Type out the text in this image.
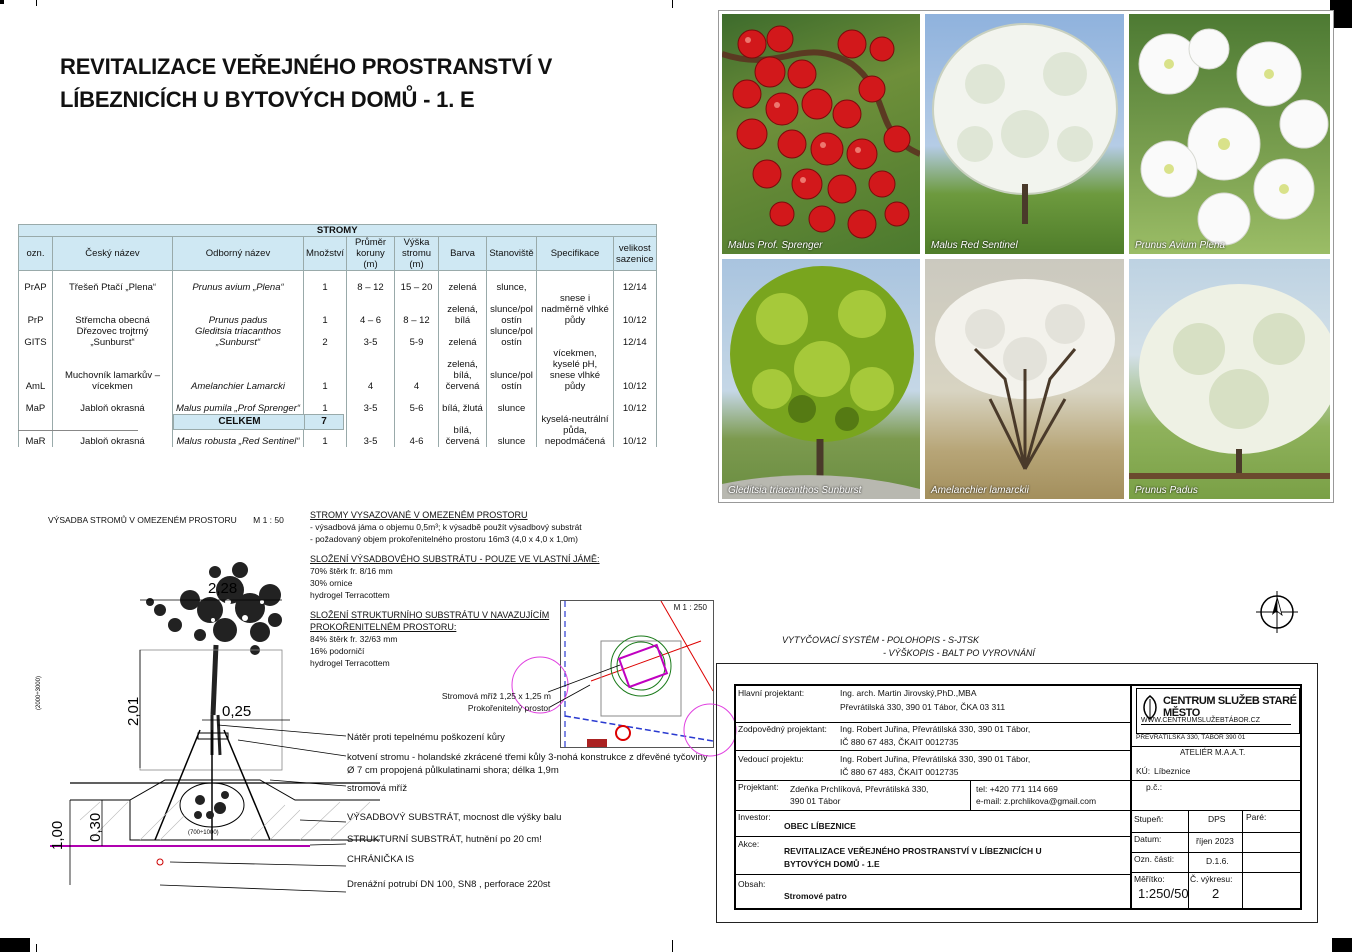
REVITALIZACE VEŘEJNÉHO PROSTRANSTVÍ V
LÍBEZNICÍCH U BYTOVÝCH DOMŮ - 1. E
STROMY									
ozn.	Český název	Odborný název	Množství	Průměr koruny (m)	Výška stromu (m)	Barva	Stanoviště	Specifikace	velikost sazenice
PrAP	Třešeň Ptačí „Plena“	Prunus avium „Plena“	1	8 – 12	15 – 20	zelená	slunce,		12/14
PrP	Střemcha obecná	Prunus padus	1	4 – 6	8 – 12	zelená, bílá	slunce/pol ostín	snese i nadměrně vlhké půdy	10/12
GITS	Dřezovec trojtrný „Sunburst“	Gleditsia triacanthos „Sunburst“	2	3-5	5-9	zelená	slunce/pol ostín		12/14
AmL	Muchovník lamarkův – vícekmen	Amelanchier Lamarcki	1	4	4	zelená, bílá, červená	slunce/pol ostín	vícekmen, kyselé pH, snese vlhké půdy	10/12
MaP	Jabloň okrasná	Malus pumila „Prof Sprenger“	1	3-5	5-6	bílá, žlutá	slunce		10/12
MaR	Jabloň okrasná	Malus robusta „Red Sentinel“	1	3-5	4-6	bílá, červená	slunce	kyselá-neutrální půda, nepodmáčená	10/12

CELKEM	7
Malus Prof. Sprenger	Malus Red Sentinel	Prunus Avium Plena
Gleditsia triacanthos Sunburst	Amelanchier lamarckii	Prunus Padus
VÝSADBA STROMŮ V OMEZENÉM PROSTORU M 1 : 50	STROMY VYSAZOVANÉ V OMEZENÉM PROSTORU
- výsadbová jáma o objemu 0,5m³; k výsadbě použít výsadbový substrát
- požadovaný objem prokořenitelného prostoru 16m3 (4,0 x 4,0 x 1,0m)
SLOŽENÍ VÝSADBOVÉHO SUBSTRÁTU - POUZE VE VLASTNÍ JÁMĚ:
70% štěrk fr. 8/16 mm
30% ornice
hydrogel Terracottem
SLOŽENÍ STRUKTURNÍHO SUBSTRÁTU V NAVAZUJÍCÍM
PROKOŘENITELNÉM PROSTORU:
84% štěrk fr. 32/63 mm
16% podorničí
hydrogel Terracottem
2,28
2,01	0,25
(2000÷3000)
(700÷1000)
1,00 0,30
Nátěr proti tepelnému poškození kůry
kotvení stromu - holandské zkrácené třemi kůly 3-nohá konstrukce z dřevěné tyčoviny
Ø 7 cm propojená půlkulatinami shora; délka 1,9m
stromová mříž
VÝSADBOVÝ SUBSTRÁT, mocnost dle výšky balu
STRUKTURNÍ SUBSTRÁT, hutnění po 20 cm!
CHRÁNIČKA IS
Drenážní potrubí DN 100, SN8 , perforace 220st
M 1 : 250
Stromová mříž 1,25 x 1,25 m
Prokořenitelný prostor
VYTYČOVACÍ SYSTÉM - POLOHOPIS - S-JTSK
- VÝŠKOPIS - BALT PO VYROVNÁNÍ
Hlavní projektant:	Ing. arch. Martin Jirovský,PhD.,MBA
Převrátilská 330, 390 01 Tábor, ČKA 03 311
Zodpovědný projektant: Ing. Robert Juřina, Převrátilská 330, 390 01 Tábor,
IČ 880 67 483, ČKAIT 0012735
Vedoucí projektu:	Ing. Robert Juřina, Převrátilská 330, 390 01 Tábor,
IČ 880 67 483, ČKAIT 0012735
Projektant: Zdeňka Prchlíková, Převrátilská 330,
390 01 Tábor
tel: +420 771 114 669
e-mail: z.prchlikova@gmail.com
Investor:
OBEC LÍBEZNICE
Akce:
REVITALIZACE VEŘEJNÉHO PROSTRANSTVÍ V LÍBEZNICÍCH U
BYTOVÝCH DOMŮ - 1.E
Obsah:
Stromové patro
CENTRUM SLUŽEB STARÉ MĚSTO
WWW.CENTRUMSLUŽEBTÁBOR.CZ
PŘEVRÁTILSKÁ 330, TÁBOR 390 01
ATELIÉR M.A.A.T.
KÚ: Líbeznice
p.č.:
Stupeň:	DPS Paré:
Datum:	říjen 2023
Ozn. části:	D.1.6.
Měřítko:
1:250/50
Č. výkresu:
2
